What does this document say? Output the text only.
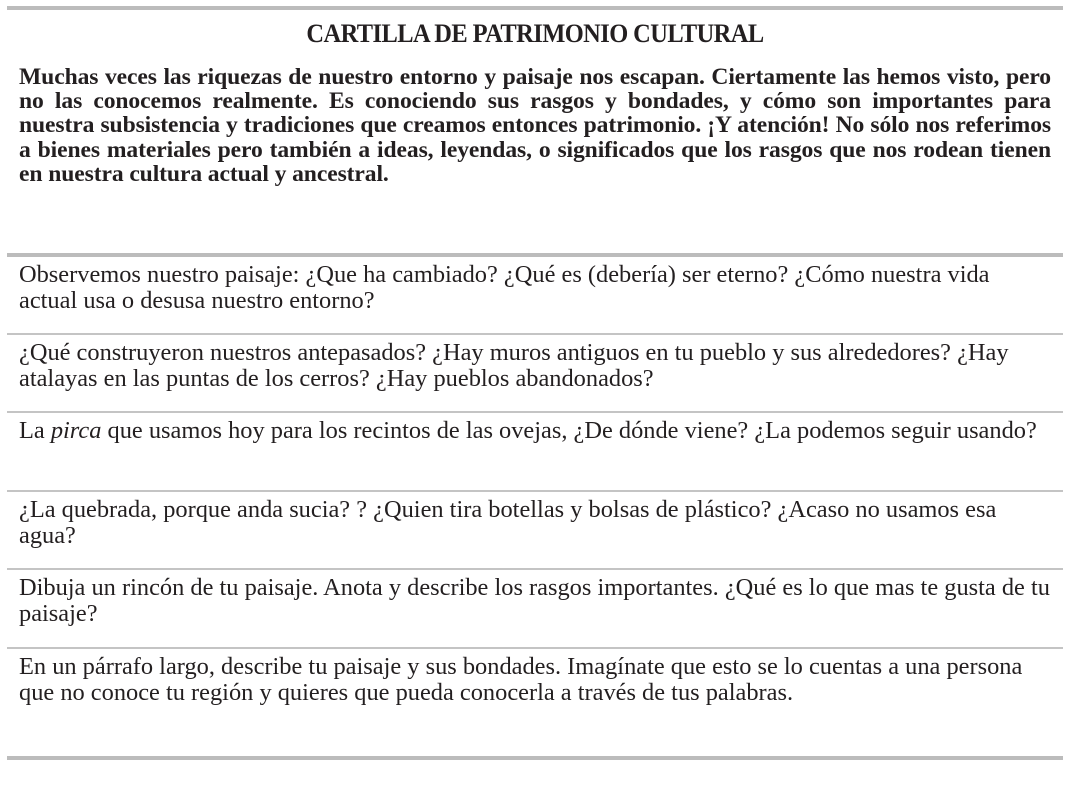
CARTILLA DE PATRIMONIO CULTURAL
Muchas veces las riquezas de nuestro entorno y paisaje nos escapan. Ciertamente las hemos visto, pero no las conocemos realmente. Es conociendo sus rasgos y bondades, y cómo son importantes para nuestra subsistencia y tradiciones que creamos entonces patrimonio. ¡Y atención! No sólo nos referimos a bienes materiales pero también a ideas, leyendas, o significados que los rasgos que nos rodean tienen en nuestra cultura actual y ancestral.
Observemos nuestro paisaje: ¿Que ha cambiado? ¿Qué es (debería) ser eterno? ¿Cómo nuestra vida actual usa o desusa nuestro entorno?
¿Qué construyeron nuestros antepasados? ¿Hay muros antiguos en tu pueblo y sus alrededores? ¿Hay atalayas en las puntas de los cerros? ¿Hay pueblos abandonados?
La pirca que usamos hoy para los recintos de las ovejas, ¿De dónde viene? ¿La podemos seguir usando?
¿La quebrada, porque anda sucia? ? ¿Quien tira botellas y bolsas de plástico? ¿Acaso no usamos esa agua?
Dibuja un rincón de tu paisaje. Anota y describe los rasgos importantes. ¿Qué es lo que mas te gusta de tu paisaje?
En un párrafo largo, describe tu paisaje y sus bondades. Imagínate que esto se lo cuentas a una persona que no conoce tu región y quieres que pueda conocerla a través de tus palabras.
